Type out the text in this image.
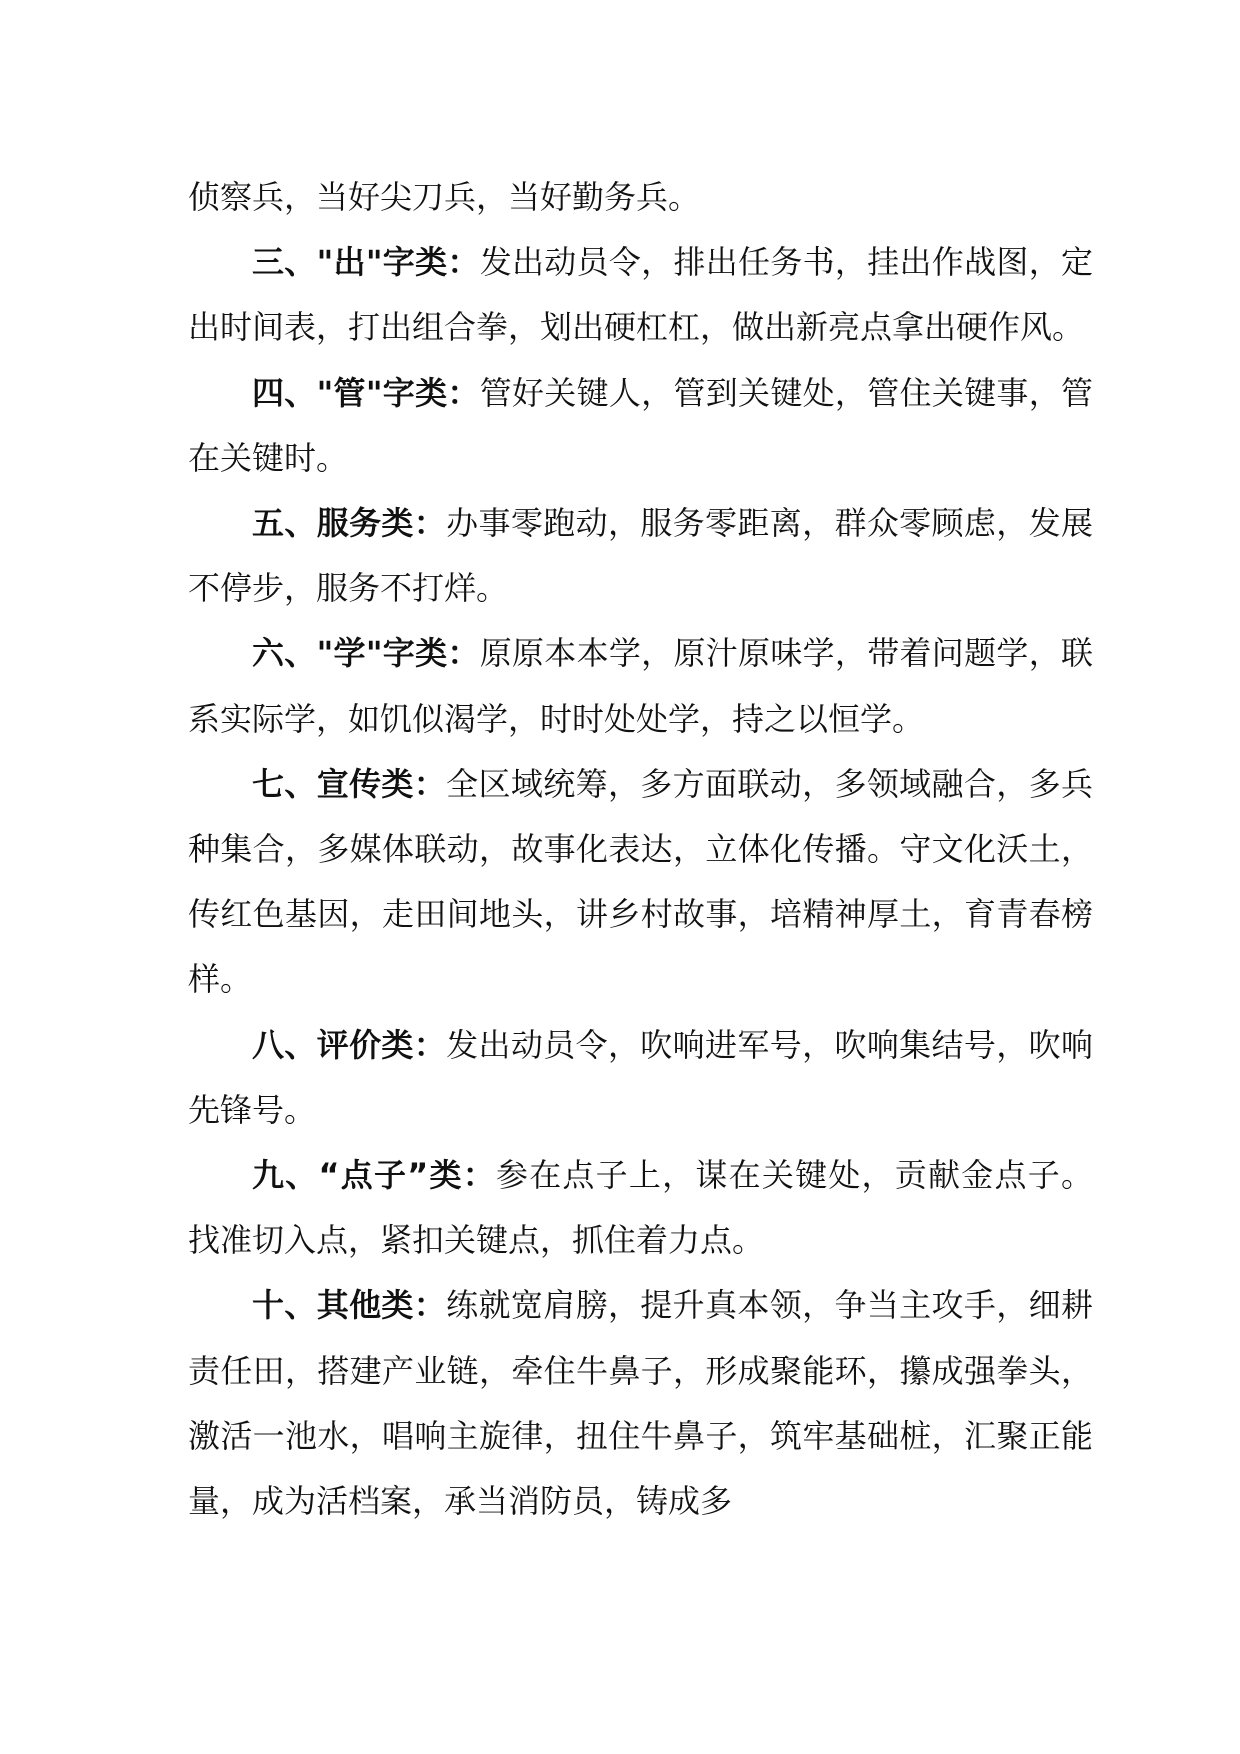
侦察兵，当好尖刀兵，当好勤务兵。

三、"出"字类：发出动员令，排出任务书，挂出作战图，定出时间表，打出组合拳，划出硬杠杠，做出新亮点拿出硬作风。

四、"管"字类：管好关键人，管到关键处，管住关键事，管在关键时。

五、服务类：办事零跑动，服务零距离，群众零顾虑，发展不停步，服务不打烊。

六、"学"字类：原原本本学，原汁原味学，带着问题学，联系实际学，如饥似渴学，时时处处学，持之以恒学。

七、宣传类：全区域统筹，多方面联动，多领域融合，多兵种集合，多媒体联动，故事化表达，立体化传播。守文化沃土，传红色基因，走田间地头，讲乡村故事，培精神厚土，育青春榜样。

八、评价类：发出动员令，吹响进军号，吹响集结号，吹响先锋号。

九、“点子”类：参在点子上，谋在关键处，贡献金点子。找准切入点，紧扣关键点，抓住着力点。

十、其他类：练就宽肩膀，提升真本领，争当主攻手，细耕责任田，搭建产业链，牵住牛鼻子，形成聚能环，攥成强拳头，激活一池水，唱响主旋律，扭住牛鼻子，筑牢基础桩，汇聚正能量，成为活档案，承当消防员，铸成多
